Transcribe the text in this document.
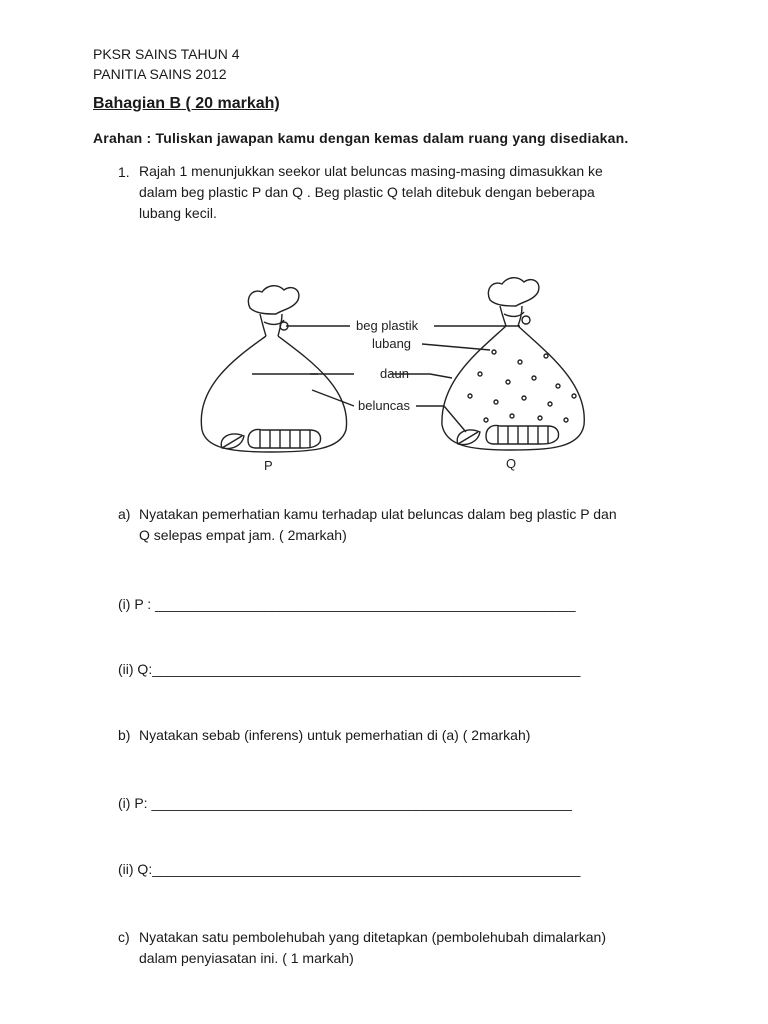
PKSR SAINS TAHUN 4
PANITIA SAINS 2012
Bahagian B ( 20 markah)
Arahan : Tuliskan jawapan kamu dengan kemas dalam ruang yang disediakan.
1. Rajah 1 menunjukkan seekor ulat beluncas masing-masing dimasukkan ke
dalam beg plastic P dan Q . Beg plastic Q telah ditebuk dengan beberapa
lubang kecil.
beg plastik
lubang
daun
beluncas
P	Q
a) Nyatakan pemerhatian kamu terhadap ulat beluncas dalam beg plastic P dan
Q selepas empat jam. ( 2markah)
(i) P : ______________________________________________________
(ii) Q:_______________________________________________________
b) Nyatakan sebab (inferens) untuk pemerhatian di (a) ( 2markah)
(i) P: ______________________________________________________
(ii) Q:_______________________________________________________
c) Nyatakan satu pembolehubah yang ditetapkan (pembolehubah dimalarkan)
dalam penyiasatan ini. ( 1 markah)
